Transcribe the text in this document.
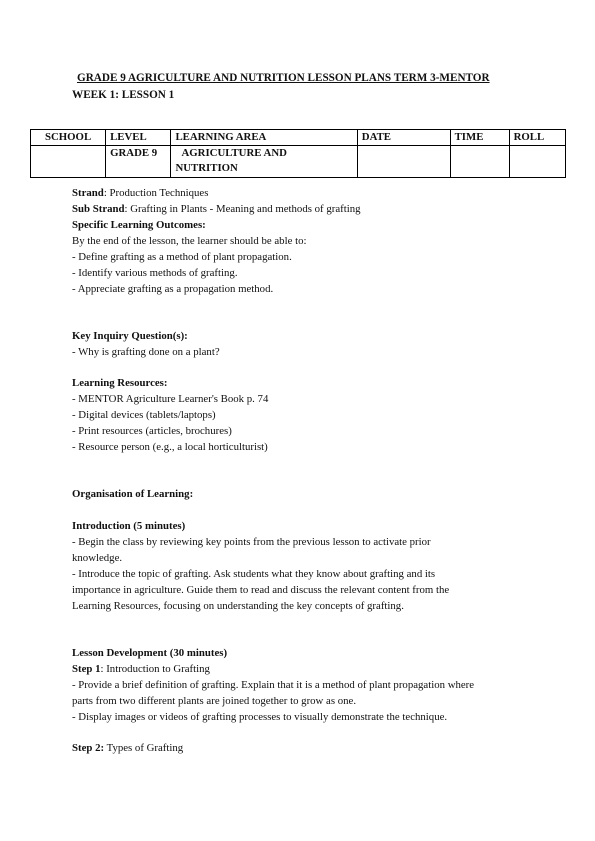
GRADE 9 AGRICULTURE AND NUTRITION LESSON PLANS TERM 3-MENTOR
WEEK 1: LESSON 1
SCHOOL	LEVEL	LEARNING AREA	DATE	TIME	ROLL
	GRADE 9	AGRICULTURE AND
NUTRITION			

Strand: Production Techniques
Sub Strand: Grafting in Plants - Meaning and methods of grafting
Specific Learning Outcomes:
By the end of the lesson, the learner should be able to:
- Define grafting as a method of plant propagation.
- Identify various methods of grafting.
- Appreciate grafting as a propagation method.
Key Inquiry Question(s):
- Why is grafting done on a plant?
Learning Resources:
- MENTOR Agriculture Learner's Book p. 74
- Digital devices (tablets/laptops)
- Print resources (articles, brochures)
- Resource person (e.g., a local horticulturist)
Organisation of Learning:
Introduction (5 minutes)
- Begin the class by reviewing key points from the previous lesson to activate prior
knowledge.
- Introduce the topic of grafting. Ask students what they know about grafting and its
importance in agriculture. Guide them to read and discuss the relevant content from the
Learning Resources, focusing on understanding the key concepts of grafting.
Lesson Development (30 minutes)
Step 1: Introduction to Grafting
- Provide a brief definition of grafting. Explain that it is a method of plant propagation where
parts from two different plants are joined together to grow as one.
- Display images or videos of grafting processes to visually demonstrate the technique.
Step 2: Types of Grafting
